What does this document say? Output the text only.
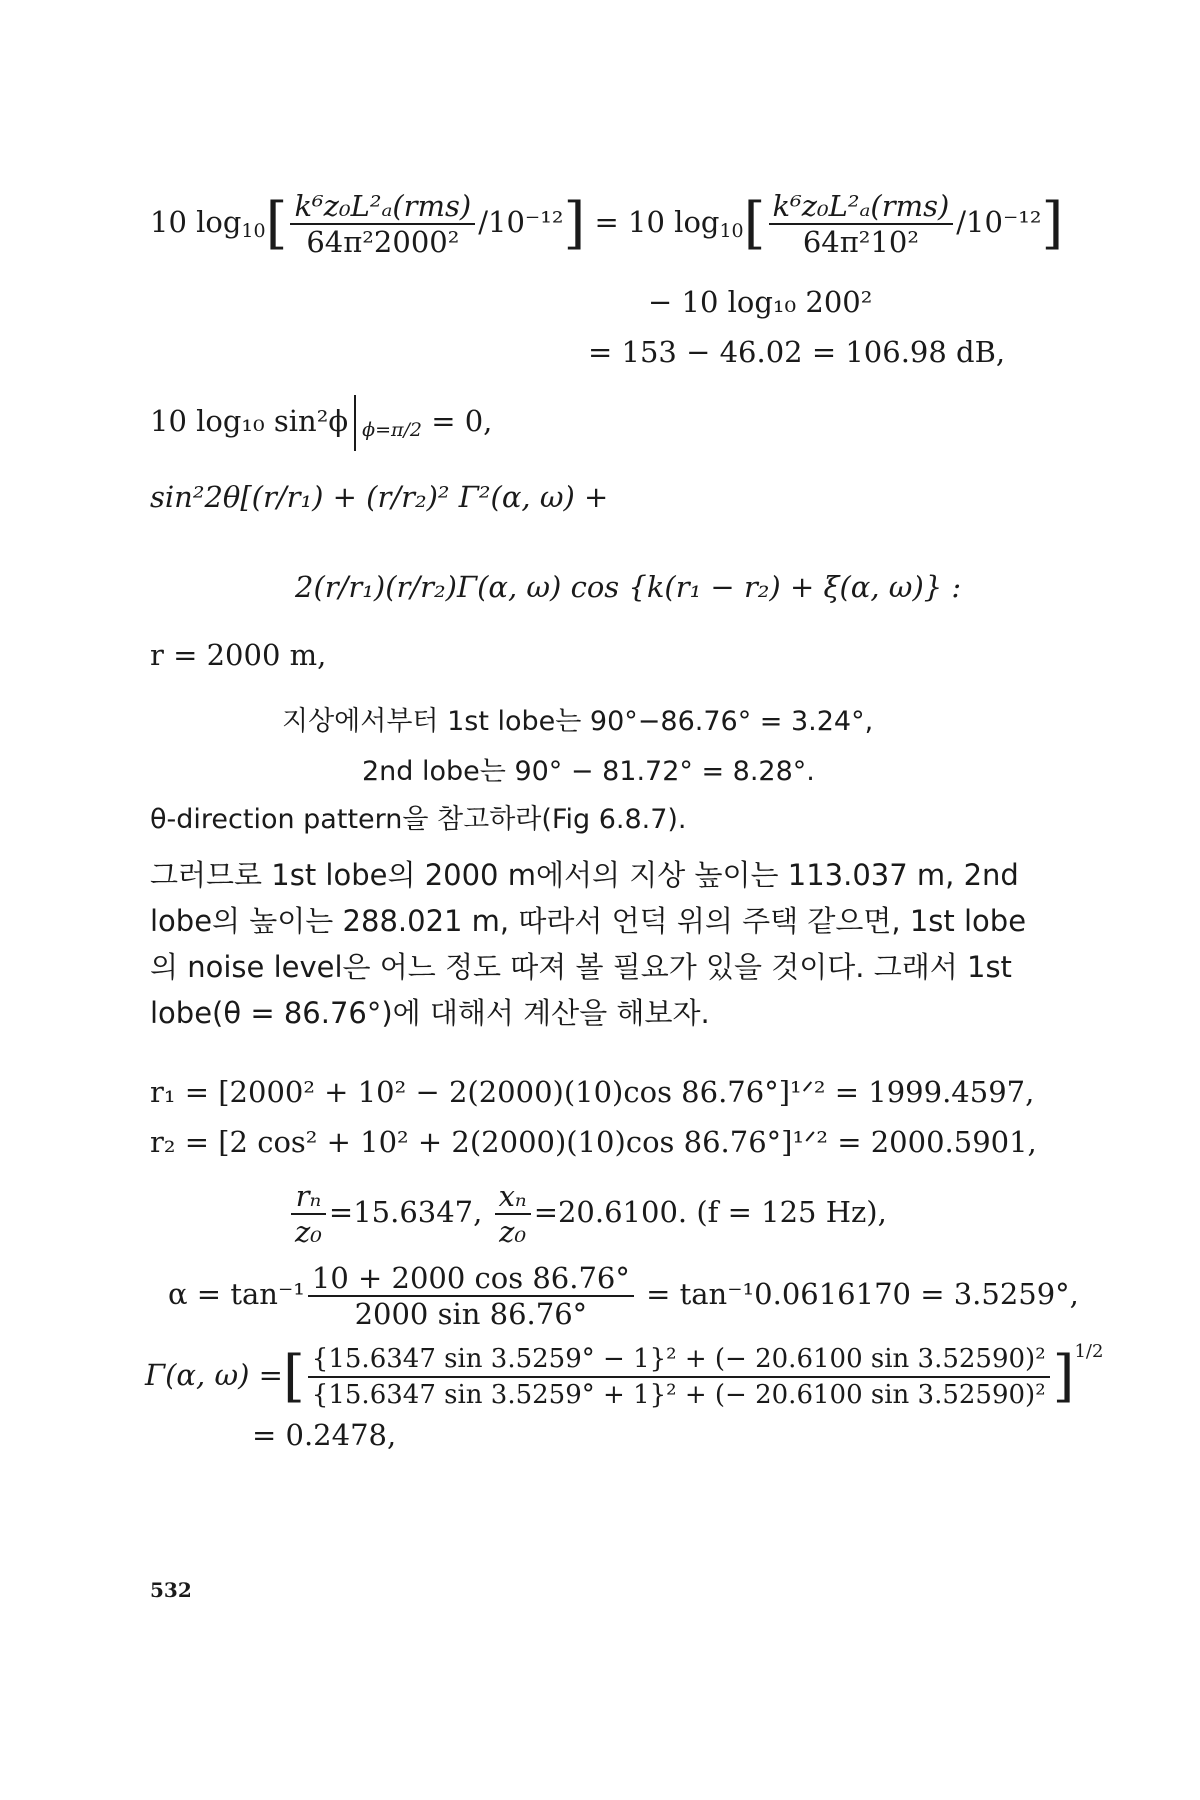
10 $\log_{10}[ \frac{\text{k⁶z₀L²ₐ(rms)}}{\text{64π²2000²}} /10^{-12}] = 10$ $\log_{10}[ \frac{\text{k⁶z₀L²ₐ(rms)}}{\text{64π²10²}} /10^{-12}]$
− 10 log₁₀ 200²
= 153 − 46.02 = 106.98 dB,
10 log₁₀ sin²ϕ $_{\phi=\pi/2}$ = 0,
sin²2θ[(r/r₁) + (r/r₂)² Γ²(α, ω) +
2(r/r₁)(r/r₂)Γ(α, ω) cos {k(r₁ − r₂) + ξ(α, ω)} :
r = 2000 m,
지상에서부터 1st lobe는 90°−86.76° = 3.24°,
2nd lobe는 90° − 81.72° = 8.28°.
θ-direction pattern을 참고하라(Fig 6.8.7).
그러므로 1st lobe의 2000 m에서의 지상 높이는 113.037 m, 2nd lobe의 높이는 288.021 m, 따라서 언덕 위의 주택 같으면, 1st lobe의 noise level은 어느 정도 따져 볼 필요가 있을 것이다. 그래서 1st lobe(θ = 86.76°)에 대해서 계산을 해보자.
r₁ = [2000² + 10² − 2(2000)(10)cos 86.76°]¹ᐟ² = 1999.4597,
r₂ = [2 cos² + 10² + 2(2000)(10)cos 86.76°]¹ᐟ² = 2000.5901,
$\frac{\text{rₙ}}{\text{z₀}} =15.6347$, $\frac{\text{xₙ}}{\text{z₀}} =20.6100$. (f = 125 Hz),
$\alpha = \tan^{-1} \frac{10 + 2000 \cos 86.76^\circ}{2000 \sin 86.76^\circ} = \tan^{-1}0.0616170 = 3.5259^\circ$,
Γ(α, ω) =[ $\frac{\text{\{15.6347 sin 3.5259° − 1\}² + (− 20.6100 sin 3.52590)²}}{\text{\{15.6347 sin 3.5259° + 1\}² + (− 20.6100 sin 3.52590)²}} ]^{1/2}$
= 0.2478,
532
